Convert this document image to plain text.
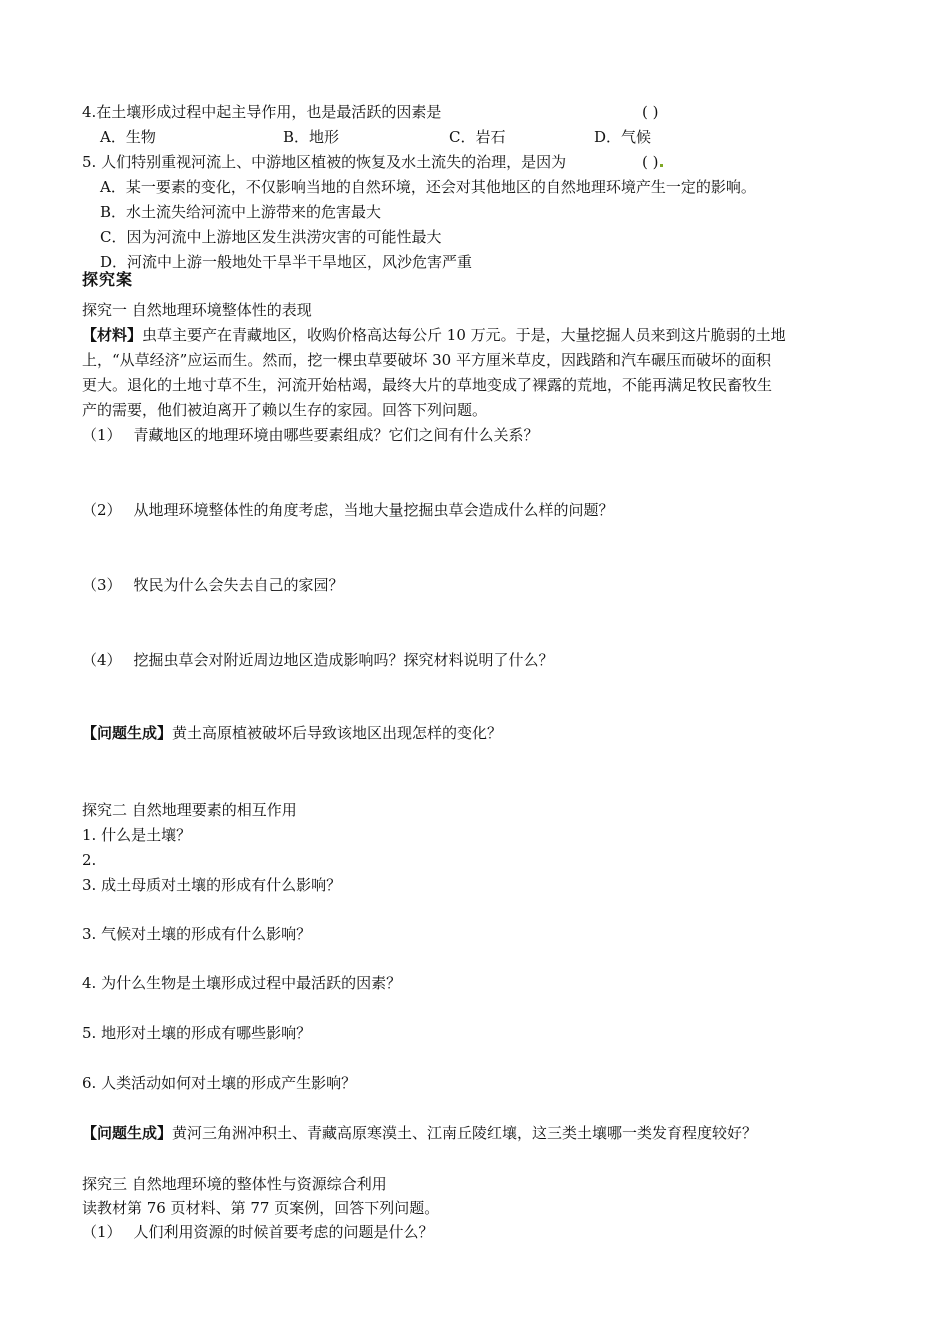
4.在土壤形成过程中起主导作用，也是最活跃的因素是	( )
A．生物	B．地形	C．岩石	D．气候
5. 人们特别重视河流上、中游地区植被的恢复及水土流失的治理，是因为	( )
A．某一要素的变化，不仅影响当地的自然环境，还会对其他地区的自然地理环境产生一定的影响。
B．水土流失给河流中上游带来的危害最大
C．因为河流中上游地区发生洪涝灾害的可能性最大
D．河流中上游一般地处干旱半干旱地区，风沙危害严重
探究案
探究一 自然地理环境整体性的表现
【材料】虫草主要产在青藏地区，收购价格高达每公斤 10 万元。于是，大量挖掘人员来到这片脆弱的土地
上，“从草经济”应运而生。然而，挖一棵虫草要破坏 30 平方厘米草皮，因践踏和汽车碾压而破坏的面积
更大。退化的土地寸草不生，河流开始枯竭，最终大片的草地变成了裸露的荒地，不能再满足牧民畜牧生
产的需要，他们被迫离开了赖以生存的家园。回答下列问题。
（1） 青藏地区的地理环境由哪些要素组成？它们之间有什么关系？
（2） 从地理环境整体性的角度考虑，当地大量挖掘虫草会造成什么样的问题？
（3） 牧民为什么会失去自己的家园？
（4） 挖掘虫草会对附近周边地区造成影响吗？探究材料说明了什么？
【问题生成】黄土高原植被破坏后导致该地区出现怎样的变化？
探究二 自然地理要素的相互作用
1. 什么是土壤？
2.
3. 成土母质对土壤的形成有什么影响？
3. 气候对土壤的形成有什么影响？
4. 为什么生物是土壤形成过程中最活跃的因素？
5. 地形对土壤的形成有哪些影响？
6. 人类活动如何对土壤的形成产生影响？
【问题生成】黄河三角洲冲积土、青藏高原寒漠土、江南丘陵红壤，这三类土壤哪一类发育程度较好？
探究三 自然地理环境的整体性与资源综合利用
读教材第 76 页材料、第 77 页案例，回答下列问题。
（1） 人们利用资源的时候首要考虑的问题是什么？
